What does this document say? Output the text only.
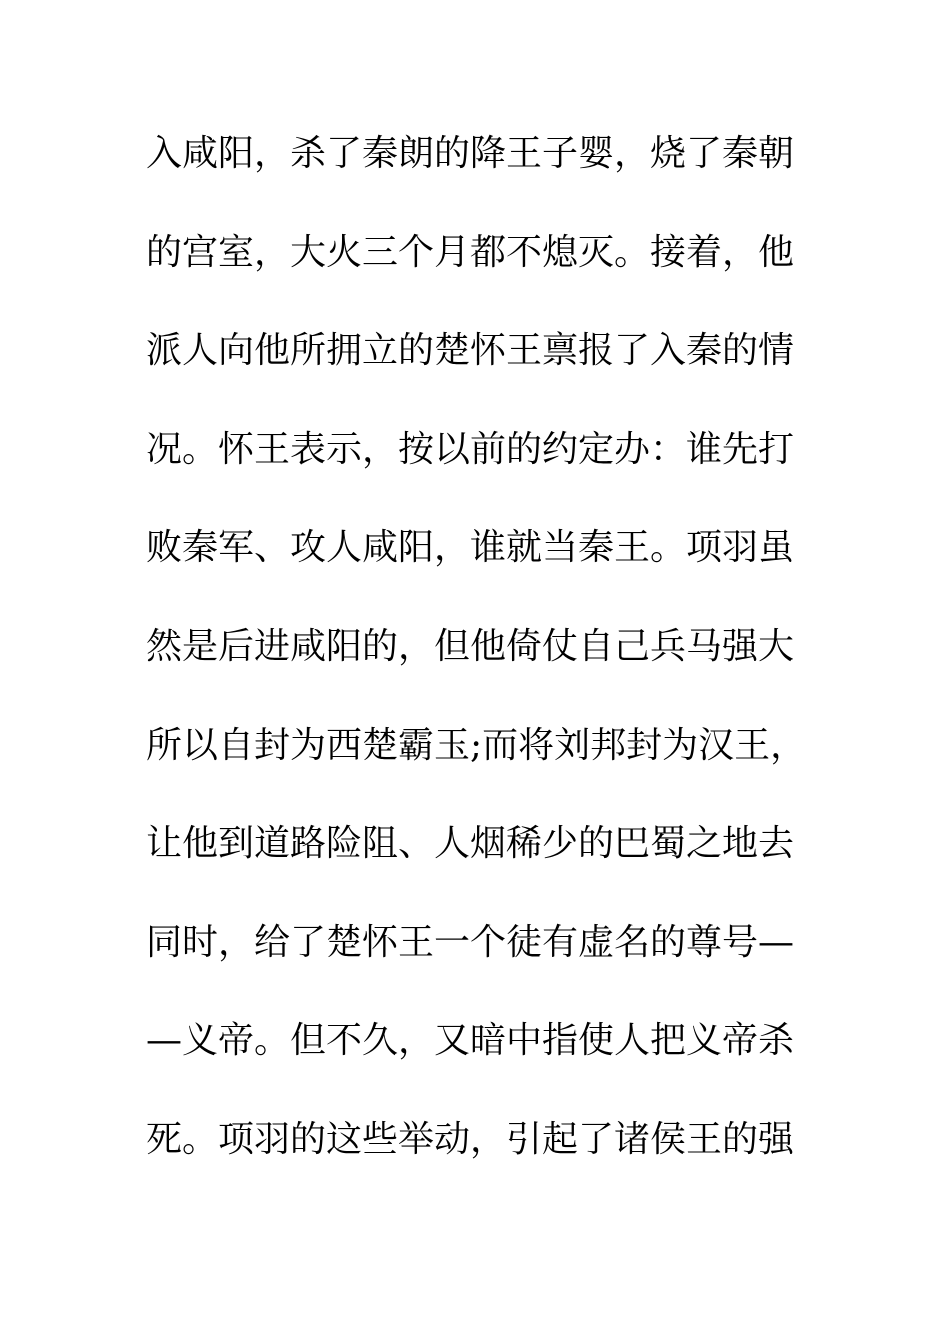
入咸阳，杀了秦朗的降王子婴，烧了秦朝
的宫室，大火三个月都不熄灭。接着，他
派人向他所拥立的楚怀王禀报了入秦的情
况。怀王表示，按以前的约定办：谁先打
败秦军、攻人咸阳，谁就当秦王。项羽虽
然是后进咸阳的，但他倚仗自己兵马强大
所以自封为西楚霸玉;而将刘邦封为汉王，
让他到道路险阻、人烟稀少的巴蜀之地去
同时，给了楚怀王一个徒有虚名的尊号—
—义帝。但不久，又暗中指使人把义帝杀
死。项羽的这些举动，引起了诸侯王的强
